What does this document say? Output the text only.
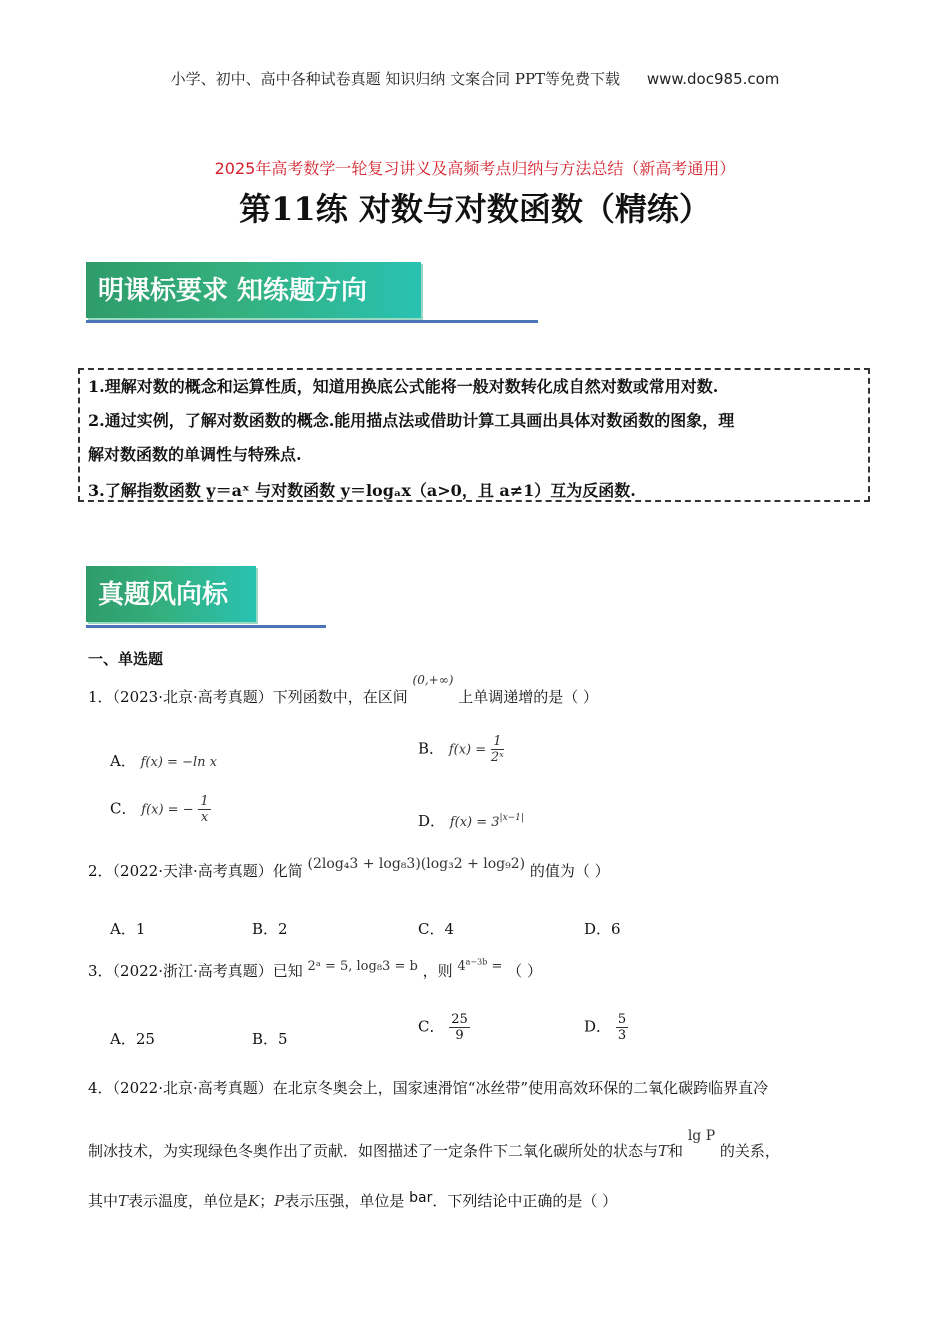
小学、初中、高中各种试卷真题 知识归纳 文案合同 PPT等免费下载 www.doc985.com
2025年高考数学一轮复习讲义及高频考点归纳与方法总结（新高考通用）
第11练 对数与对数函数（精练）
明课标要求 知练题方向
1.理解对数的概念和运算性质，知道用换底公式能将一般对数转化成自然对数或常用对数.
2.通过实例，了解对数函数的概念.能用描点法或借助计算工具画出具体对数函数的图象，理
解对数函数的单调性与特殊点.
3.了解指数函数 y＝aˣ 与对数函数 y＝logₐx（a>0，且 a≠1）互为反函数.
真题风向标
一、单选题
1．（2023·北京·高考真题）下列函数中，在区间 $^{(0,+\infty)}$ 上单调递增的是（ ）
A． f(x) = −ln x
B． $f(x) = \frac{1}{\text{2ˣ}}$
C． f(x) = − $\frac{1}{x}$	D． $f(x) = 3^{|x-1|}$
2．（2022·天津·高考真题）化简 (2log₄3 + log₈3)(log₃2 + log₉2) 的值为（ ）
A．1	B．2	C．4	D．6
3．（2022·浙江·高考真题）已知 2ᵃ = 5, log₈3 = b ，则 $4^{a-3b}$ = （ ）
A．25	B．5
C． $\frac{25}{9}$	D． $\frac{5}{3}$
4．（2022·北京·高考真题）在北京冬奥会上，国家速滑馆“冰丝带”使用高效环保的二氧化碳跨临界直冷
制冰技术，为实现绿色冬奥作出了贡献．如图描述了一定条件下二氧化碳所处的状态与T和 lg P 的关系，
其中T表示温度，单位是K；P表示压强，单位是 bar．下列结论中正确的是（ ）
